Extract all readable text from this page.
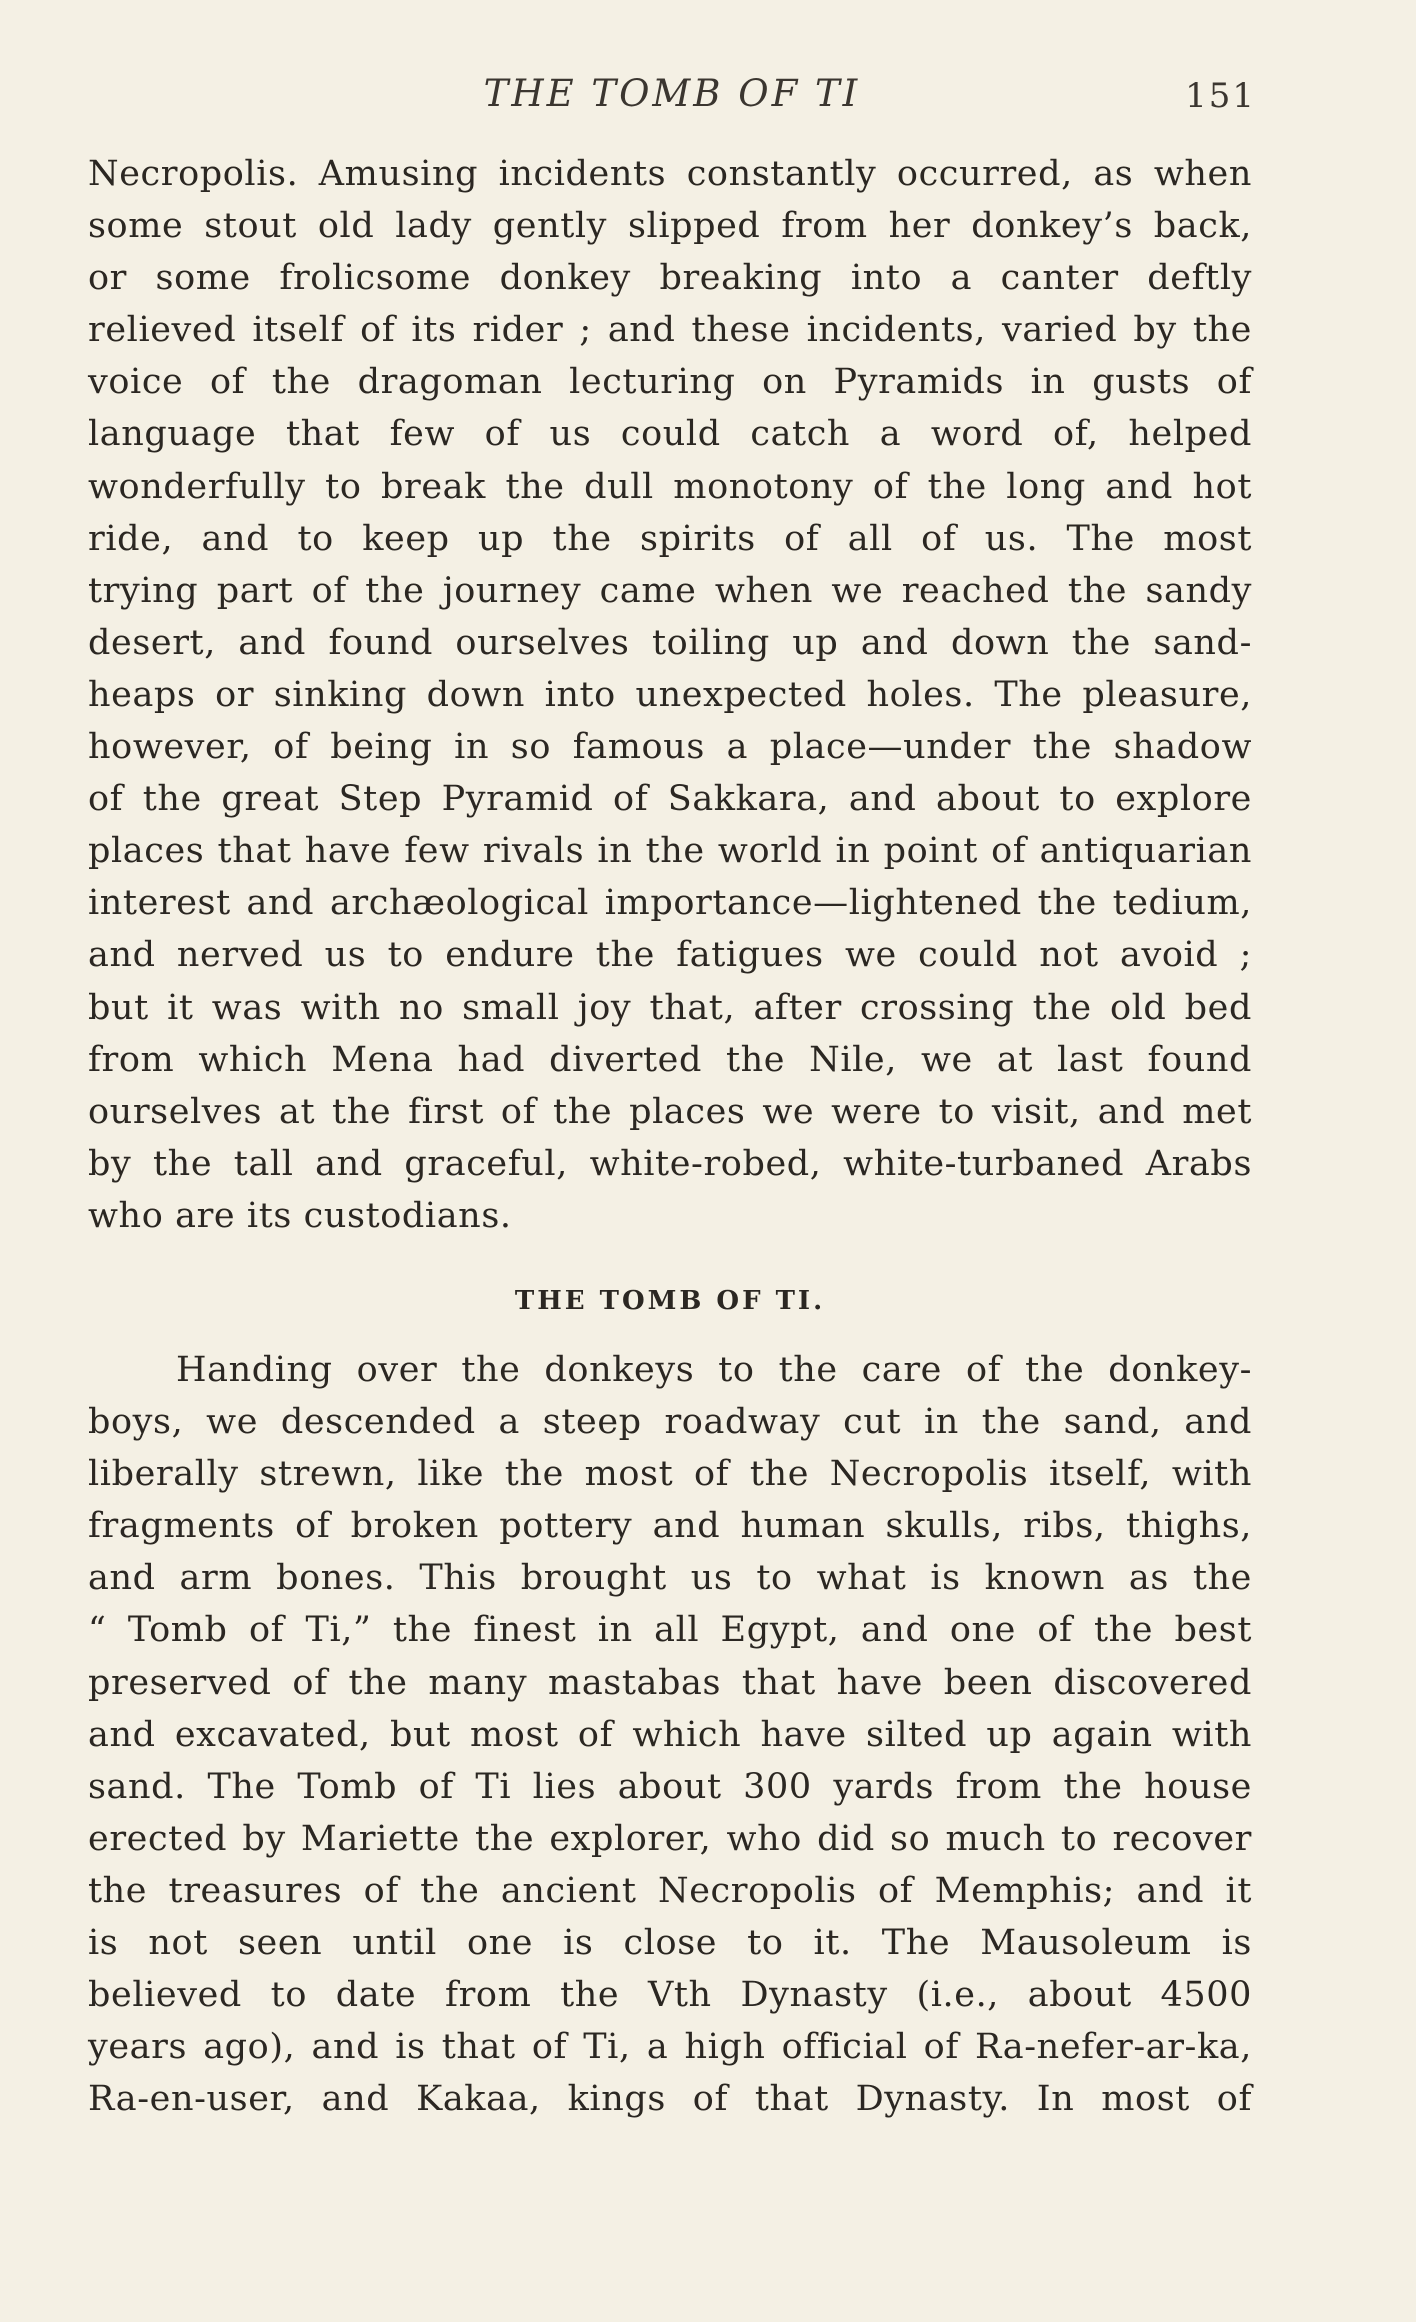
THE TOMB OF TI	151
Necropolis. Amusing incidents constantly occurred, as when
some stout old lady gently slipped from her donkey’s back,
or some frolicsome donkey breaking into a canter deftly
relieved itself of its rider ; and these incidents, varied by the
voice of the dragoman lecturing on Pyramids in gusts of
language that few of us could catch a word of, helped
wonderfully to break the dull monotony of the long and hot
ride, and to keep up the spirits of all of us. The most
trying part of the journey came when we reached the sandy
desert, and found ourselves toiling up and down the sand-
heaps or sinking down into unexpected holes. The pleasure,
however, of being in so famous a place—under the shadow
of the great Step Pyramid of Sakkara, and about to explore
places that have few rivals in the world in point of antiquarian
interest and archæological importance—lightened the tedium,
and nerved us to endure the fatigues we could not avoid ;
but it was with no small joy that, after crossing the old bed
from which Mena had diverted the Nile, we at last found
ourselves at the first of the places we were to visit, and met
by the tall and graceful, white-robed, white-turbaned Arabs
who are its custodians.
THE TOMB OF TI.
Handing over the donkeys to the care of the donkey-
boys, we descended a steep roadway cut in the sand, and
liberally strewn, like the most of the Necropolis itself, with
fragments of broken pottery and human skulls, ribs, thighs,
and arm bones. This brought us to what is known as the
“ Tomb of Ti,” the finest in all Egypt, and one of the best
preserved of the many mastabas that have been discovered
and excavated, but most of which have silted up again with
sand. The Tomb of Ti lies about 300 yards from the house
erected by Mariette the explorer, who did so much to recover
the treasures of the ancient Necropolis of Memphis; and it
is not seen until one is close to it. The Mausoleum is
believed to date from the Vth Dynasty (i.e., about 4500
years ago), and is that of Ti, a high official of Ra-nefer-ar-ka,
Ra-en-user, and Kakaa, kings of that Dynasty. In most of
